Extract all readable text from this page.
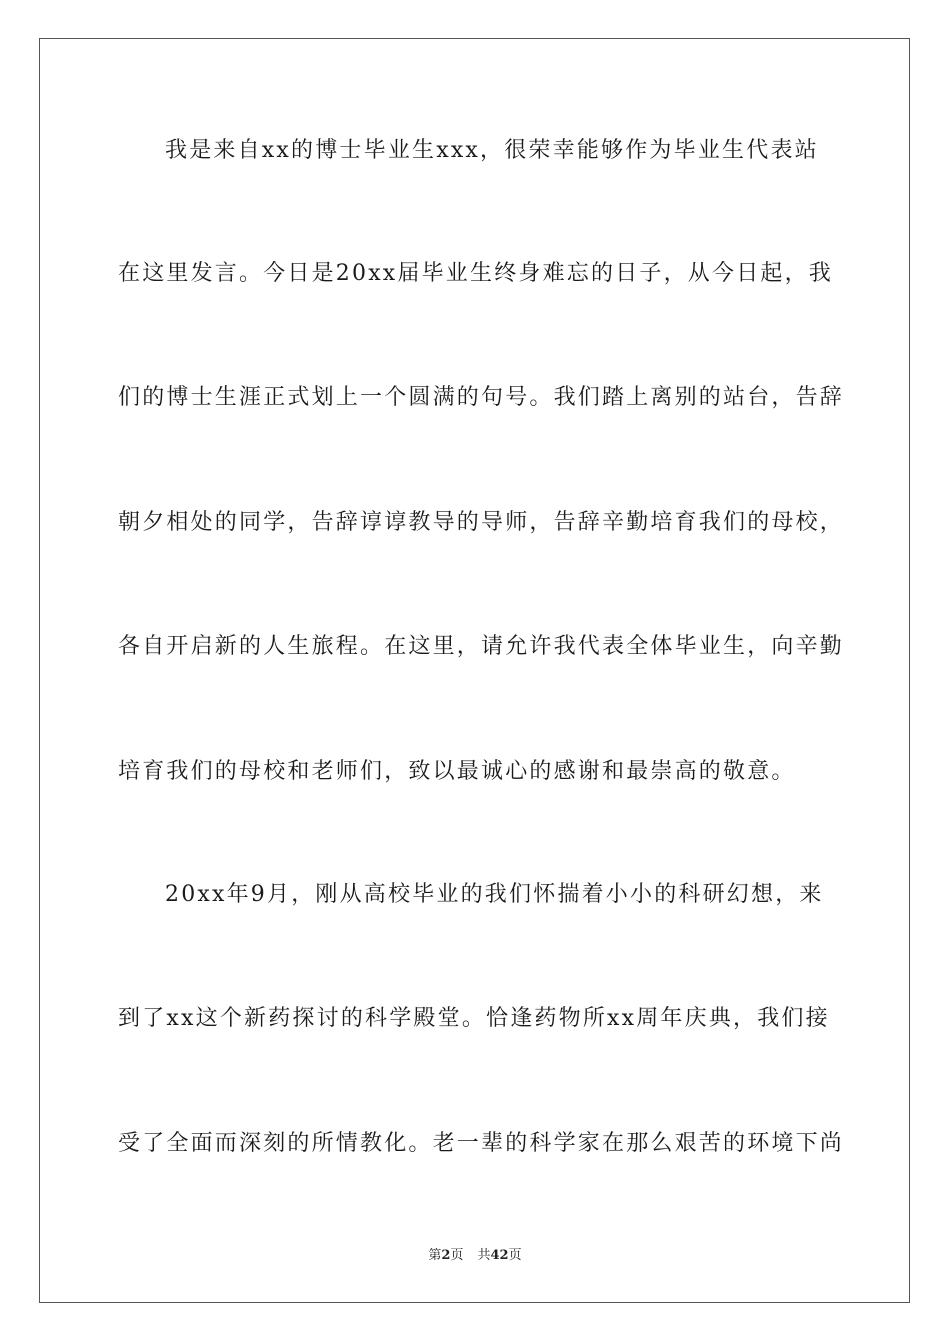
我是来自xx的博士毕业生xxx，很荣幸能够作为毕业生代表站
在这里发言。今日是20xx届毕业生终身难忘的日子，从今日起，我
们的博士生涯正式划上一个圆满的句号。我们踏上离别的站台，告辞
朝夕相处的同学，告辞谆谆教导的导师，告辞辛勤培育我们的母校，
各自开启新的人生旅程。在这里，请允许我代表全体毕业生，向辛勤
培育我们的母校和老师们，致以最诚心的感谢和最崇高的敬意。
20xx年9月，刚从高校毕业的我们怀揣着小小的科研幻想，来
到了xx这个新药探讨的科学殿堂。恰逢药物所xx周年庆典，我们接
受了全面而深刻的所情教化。老一辈的科学家在那么艰苦的环境下尚
第2页 共42页
